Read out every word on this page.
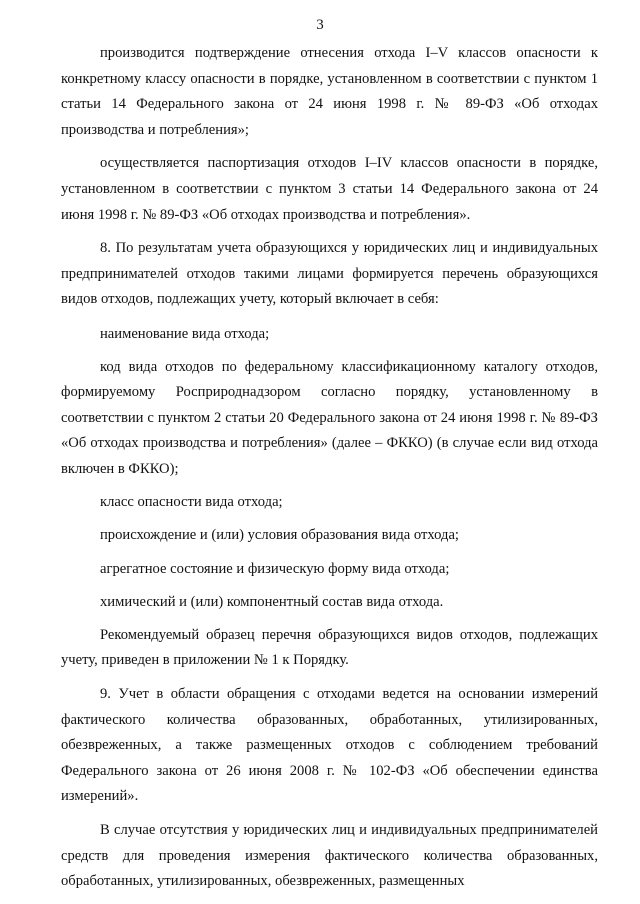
3

производится подтверждение отнесения отхода I–V классов опасности к конкретному классу опасности в порядке, установленном в соответствии с пунктом 1 статьи 14 Федерального закона от 24 июня 1998 г. № 89-ФЗ «Об отходах производства и потребления»;

осуществляется паспортизация отходов I–IV классов опасности в порядке, установленном в соответствии с пунктом 3 статьи 14 Федерального закона от 24 июня 1998 г. № 89-ФЗ «Об отходах производства и потребления».

8. По результатам учета образующихся у юридических лиц и индивидуальных предпринимателей отходов такими лицами формируется перечень образующихся видов отходов, подлежащих учету, который включает в себя:

наименование вида отхода;

код вида отходов по федеральному классификационному каталогу отходов, формируемому Росприроднадзором согласно порядку, установленному в соответствии с пунктом 2 статьи 20 Федерального закона от 24 июня 1998 г. № 89-ФЗ «Об отходах производства и потребления» (далее – ФККО) (в случае если вид отхода включен в ФККО);

класс опасности вида отхода;

происхождение и (или) условия образования вида отхода;

агрегатное состояние и физическую форму вида отхода;

химический и (или) компонентный состав вида отхода.

Рекомендуемый образец перечня образующихся видов отходов, подлежащих учету, приведен в приложении № 1 к Порядку.

9. Учет в области обращения с отходами ведется на основании измерений фактического количества образованных, обработанных, утилизированных, обезвреженных, а также размещенных отходов с соблюдением требований Федерального закона от 26 июня 2008 г. № 102-ФЗ «Об обеспечении единства измерений».

В случае отсутствия у юридических лиц и индивидуальных предпринимателей средств для проведения измерения фактического количества образованных, обработанных, утилизированных, обезвреженных, размещенных
